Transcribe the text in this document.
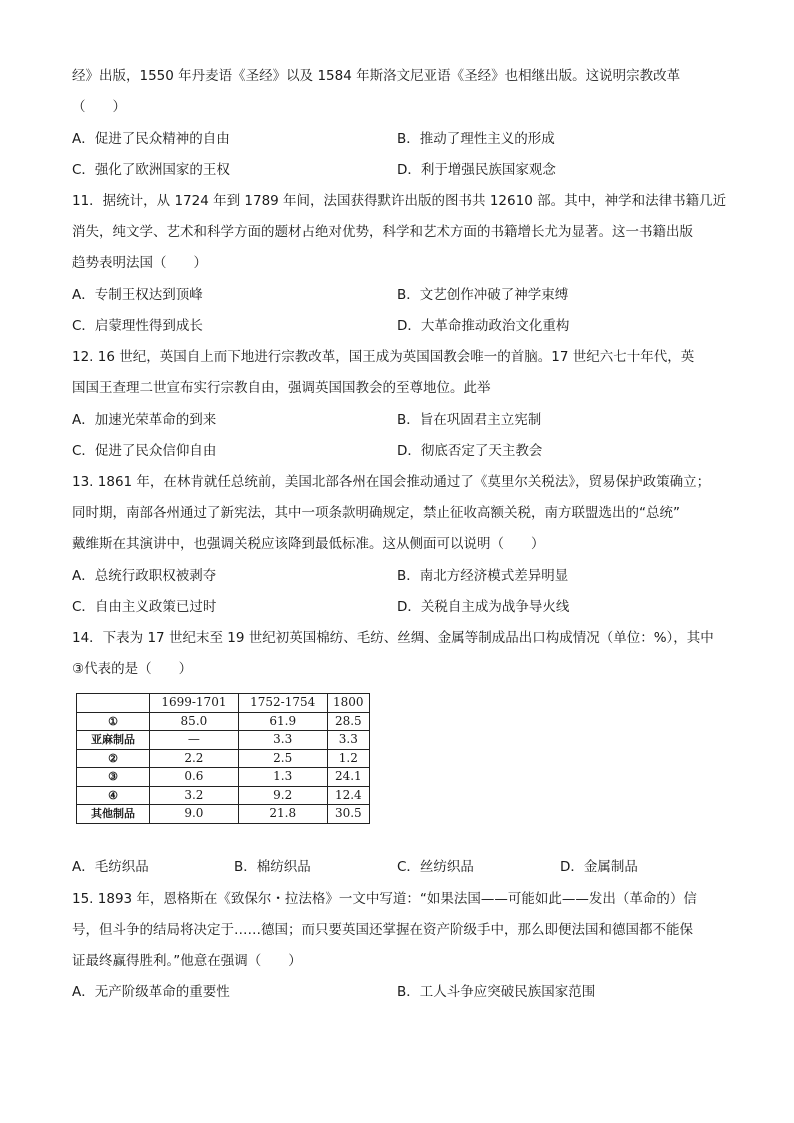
经》出版，1550 年丹麦语《圣经》以及 1584 年斯洛文尼亚语《圣经》也相继出版。这说明宗教改革
（　　）
A．促进了民众精神的自由	B．推动了理性主义的形成
C．强化了欧洲国家的王权	D．利于增强民族国家观念
11．据统计，从 1724 年到 1789 年间，法国获得默许出版的图书共 12610 部。其中，神学和法律书籍几近
消失，纯文学、艺术和科学方面的题材占绝对优势，科学和艺术方面的书籍增长尤为显著。这一书籍出版
趋势表明法国（　　）
A．专制王权达到顶峰	B．文艺创作冲破了神学束缚
C．启蒙理性得到成长	D．大革命推动政治文化重构
12. 16 世纪，英国自上而下地进行宗教改革，国王成为英国国教会唯一的首脑。17 世纪六七十年代，英
国国王查理二世宣布实行宗教自由，强调英国国教会的至尊地位。此举
A．加速光荣革命的到来	B．旨在巩固君主立宪制
C．促进了民众信仰自由	D．彻底否定了天主教会
13. 1861 年，在林肯就任总统前，美国北部各州在国会推动通过了《莫里尔关税法》，贸易保护政策确立；
同时期，南部各州通过了新宪法，其中一项条款明确规定，禁止征收高额关税，南方联盟选出的“总统”
戴维斯在其演讲中，也强调关税应该降到最低标准。这从侧面可以说明（　　）
A．总统行政职权被剥夺	B．南北方经济模式差异明显
C．自由主义政策已过时	D．关税自主成为战争导火线
14．下表为 17 世纪末至 19 世纪初英国棉纺、毛纺、丝绸、金属等制成品出口构成情况（单位：%），其中
③代表的是（　　）
	1699-1701	1752-1754	1800
①	85.0	61.9	28.5
亚麻制品	—	3.3	3.3
②	2.2	2.5	1.2
③	0.6	1.3	24.1
④	3.2	9.2	12.4
其他制品	9.0	21.8	30.5
A．毛纺织品	B．棉纺织品	C．丝纺织品	D．金属制品
15. 1893 年，恩格斯在《致保尔・拉法格》一文中写道：“如果法国——可能如此——发出（革命的）信
号，但斗争的结局将决定于……德国；而只要英国还掌握在资产阶级手中，那么即便法国和德国都不能保
证最终赢得胜利。”他意在强调（　　）
A．无产阶级革命的重要性	B．工人斗争应突破民族国家范围
